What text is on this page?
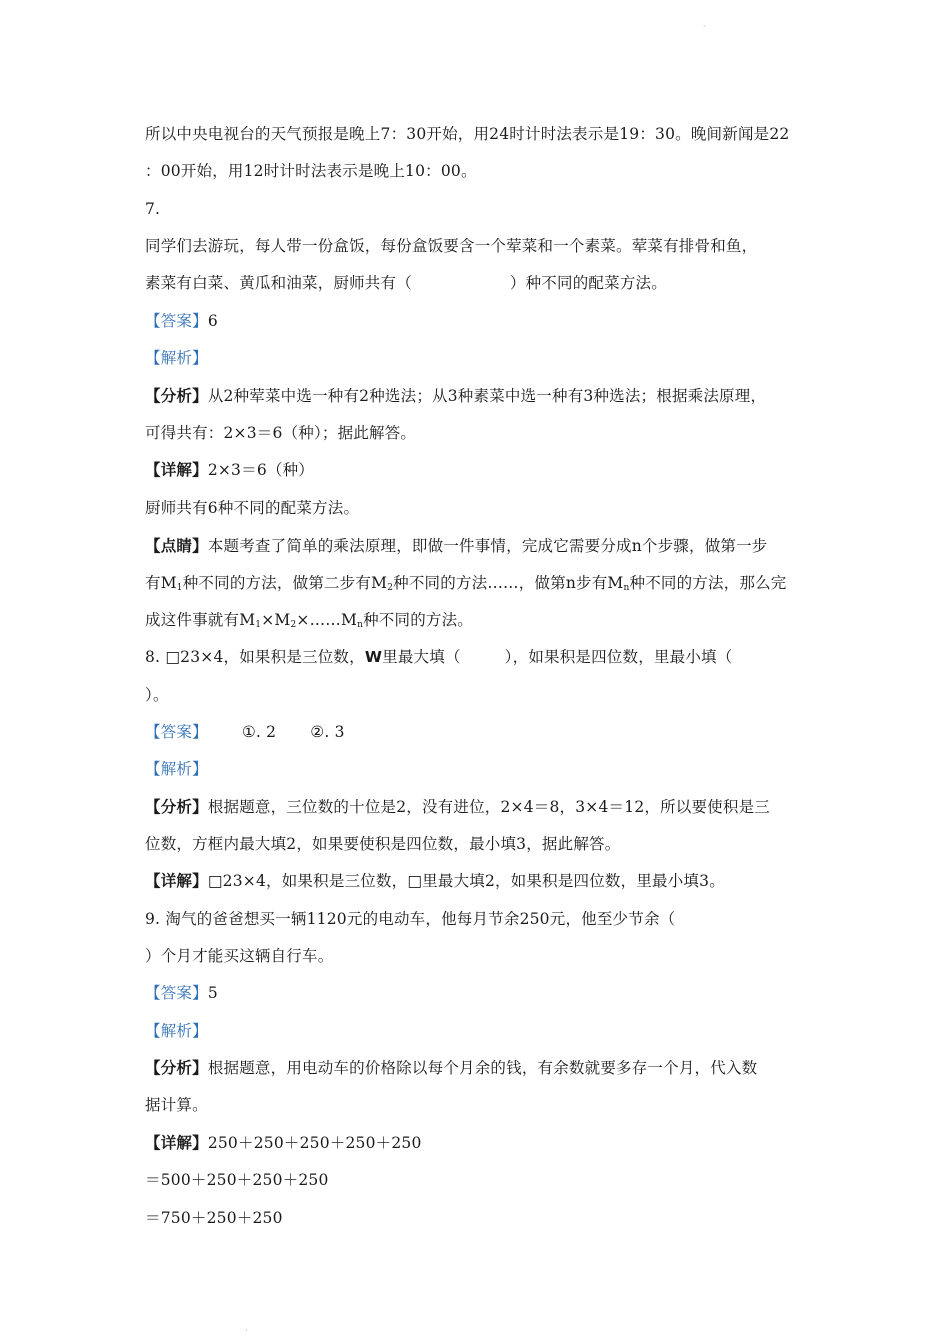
·
所以中央电视台的天气预报是晚上7：30开始，用24时计时法表示是19：30。晚间新闻是22
：00开始，用12时计时法表示是晚上10：00。
7.
同学们去游玩，每人带一份盒饭，每份盒饭要含一个荤菜和一个素菜。荤菜有排骨和鱼，
素菜有白菜、黄瓜和油菜，厨师共有（	）种不同的配菜方法。
【答案】6
【解析】
【分析】从2种荤菜中选一种有2种选法；从3种素菜中选一种有3种选法；根据乘法原理，
可得共有：2×3＝6（种）；据此解答。
【详解】2×3＝6（种）
厨师共有6种不同的配菜方法。
【点睛】本题考查了简单的乘法原理，即做一件事情，完成它需要分成n个步骤，做第一步
有$M_1$种不同的方法，做第二步有$M_2$种不同的方法……，做第n步有$M_n$种不同的方法，那么完
成这件事就有$M_1\times M_2\times\dots\dots M_n$种不同的方法。
8. □23×4，如果积是三位数，W里最大填（	），如果积是四位数，里最小填（
）。
【答案】 ①. 2 ②. 3
【解析】
【分析】根据题意，三位数的十位是2，没有进位，2×4＝8，3×4＝12，所以要使积是三
位数，方框内最大填2，如果要使积是四位数，最小填3，据此解答。
【详解】□23×4，如果积是三位数，□里最大填2，如果积是四位数，里最小填3。
9. 淘气的爸爸想买一辆1120元的电动车，他每月节余250元，他至少节余（
）个月才能买这辆自行车。
【答案】5
【解析】
【分析】根据题意，用电动车的价格除以每个月余的钱，有余数就要多存一个月，代入数
据计算。
【详解】250＋250＋250＋250＋250
＝500＋250＋250＋250
＝750＋250＋250
·
